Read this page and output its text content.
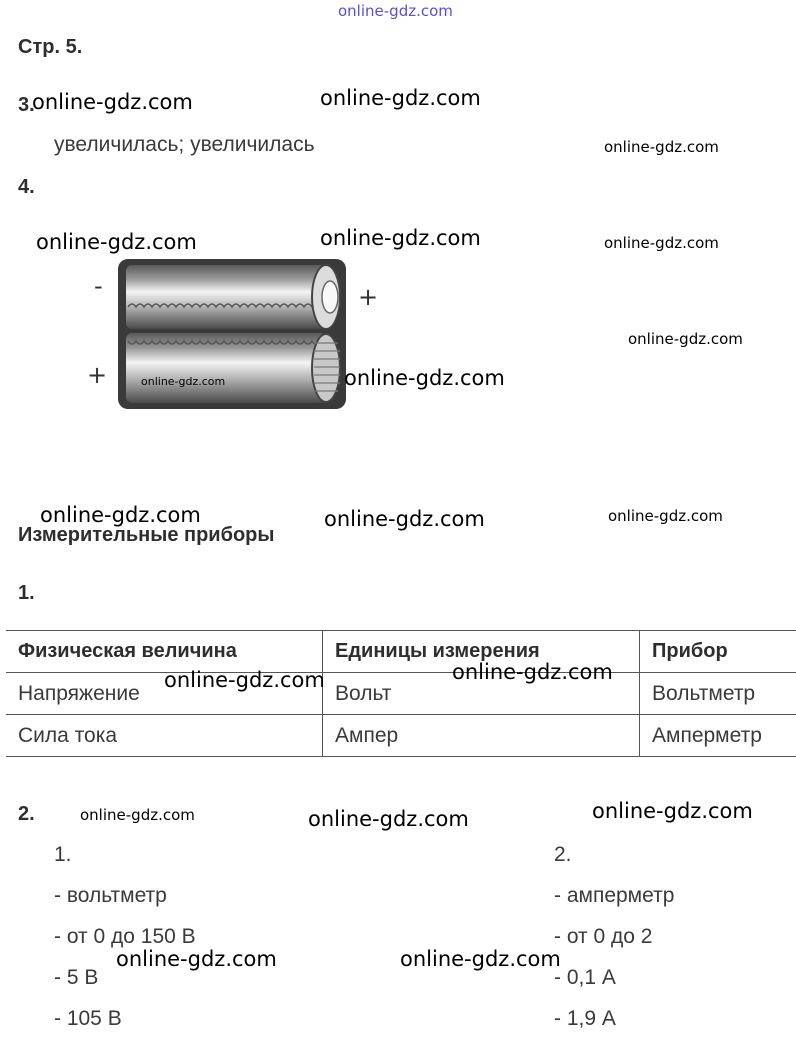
online-gdz.com
Стр. 5.
3.
online-gdz.com	online-gdz.com
увеличилась; увеличилась	online-gdz.com
4.
online-gdz.com	online-gdz.com	online-gdz.com
online-gdz.com
-	+
+	online-gdz.com	online-gdz.com
online-gdz.com	online-gdz.com	online-gdz.com
Измерительные приборы
1.
Физическая величина	Единицы измерения	Прибор
Напряжение	Вольт	Вольтметр
Сила тока	Ампер	Амперметр
online-gdz.com	online-gdz.com
2.	online-gdz.com	online-gdz.com	online-gdz.com
1.
- вольтметр
- от 0 до 150 В
- 5 В
- 105 В
2.
- амперметр
- от 0 до 2
- 0,1 А
- 1,9 А
online-gdz.com	online-gdz.com
